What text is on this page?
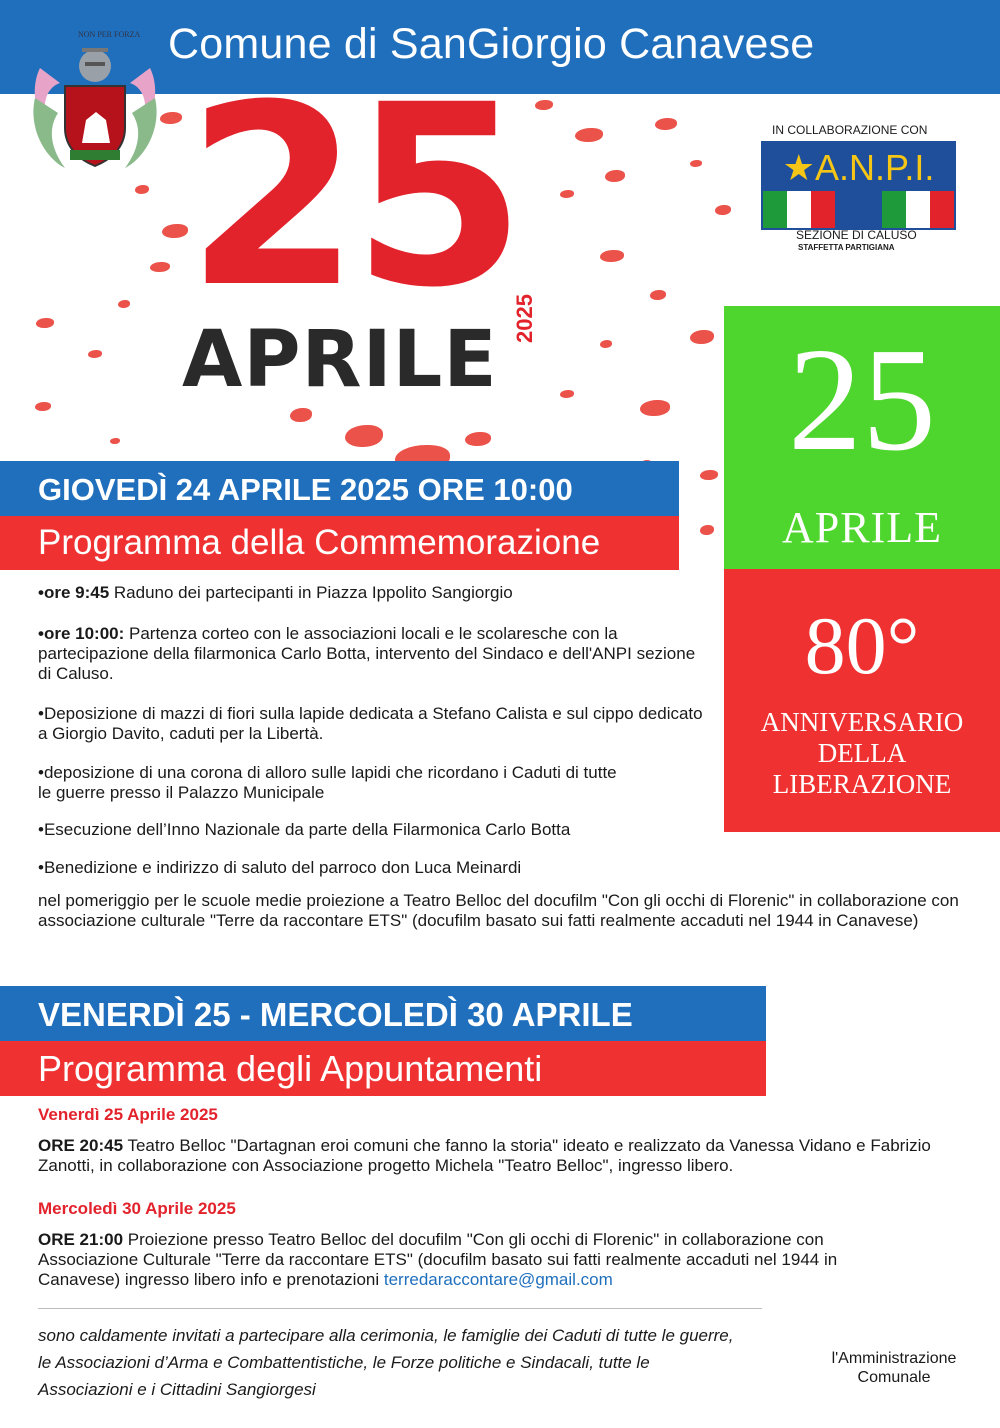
Comune di SanGiorgio Canavese
NON PER FORZA
25
APRILE 2025
IN COLLABORAZIONE CON
★A.N.P.I.
SEZIONE DI CALUSO
STAFFETTA PARTIGIANA
25
APRILE
80°
ANNIVERSARIO
DELLA
LIBERAZIONE
GIOVEDÌ 24 APRILE 2025 ORE 10:00
Programma della Commemorazione
•ore 9:45 Raduno dei partecipanti in Piazza Ippolito Sangiorgio
•ore 10:00: Partenza corteo con le associazioni locali e le scolaresche con la partecipazione della filarmonica Carlo Botta, intervento del Sindaco e dell'ANPI sezione di Caluso.
•Deposizione di mazzi di fiori sulla lapide dedicata a Stefano Calista e sul cippo dedicato a Giorgio Davito, caduti per la Libertà.
•deposizione di una corona di alloro sulle lapidi che ricordano i Caduti di tutte le guerre presso il Palazzo Municipale
•Esecuzione dell’Inno Nazionale da parte della Filarmonica Carlo Botta
•Benedizione e indirizzo di saluto del parroco don Luca Meinardi
nel pomeriggio per le scuole medie proiezione a Teatro Belloc del docufilm "Con gli occhi di Florenic" in collaborazione con associazione culturale "Terre da raccontare ETS" (docufilm basato sui fatti realmente accaduti nel 1944 in Canavese)
VENERDÌ 25 - MERCOLEDÌ 30 APRILE
Programma degli Appuntamenti
Venerdì 25 Aprile 2025
ORE 20:45 Teatro Belloc "Dartagnan eroi comuni che fanno la storia" ideato e realizzato da Vanessa Vidano e Fabrizio Zanotti, in collaborazione con Associazione progetto Michela "Teatro Belloc", ingresso libero.
Mercoledì 30 Aprile 2025
ORE 21:00 Proiezione presso Teatro Belloc del docufilm "Con gli occhi di Florenic" in collaborazione con Associazione Culturale "Terre da raccontare ETS" (docufilm basato sui fatti realmente accaduti nel 1944 in Canavese) ingresso libero info e prenotazioni terredaraccontare@gmail.com
sono caldamente invitati a partecipare alla cerimonia, le famiglie dei Caduti di tutte le guerre,
le Associazioni d’Arma e Combattentistiche, le Forze politiche e Sindacali, tutte le
Associazioni e i Cittadini Sangiorgesi
l'Amministrazione
Comunale
